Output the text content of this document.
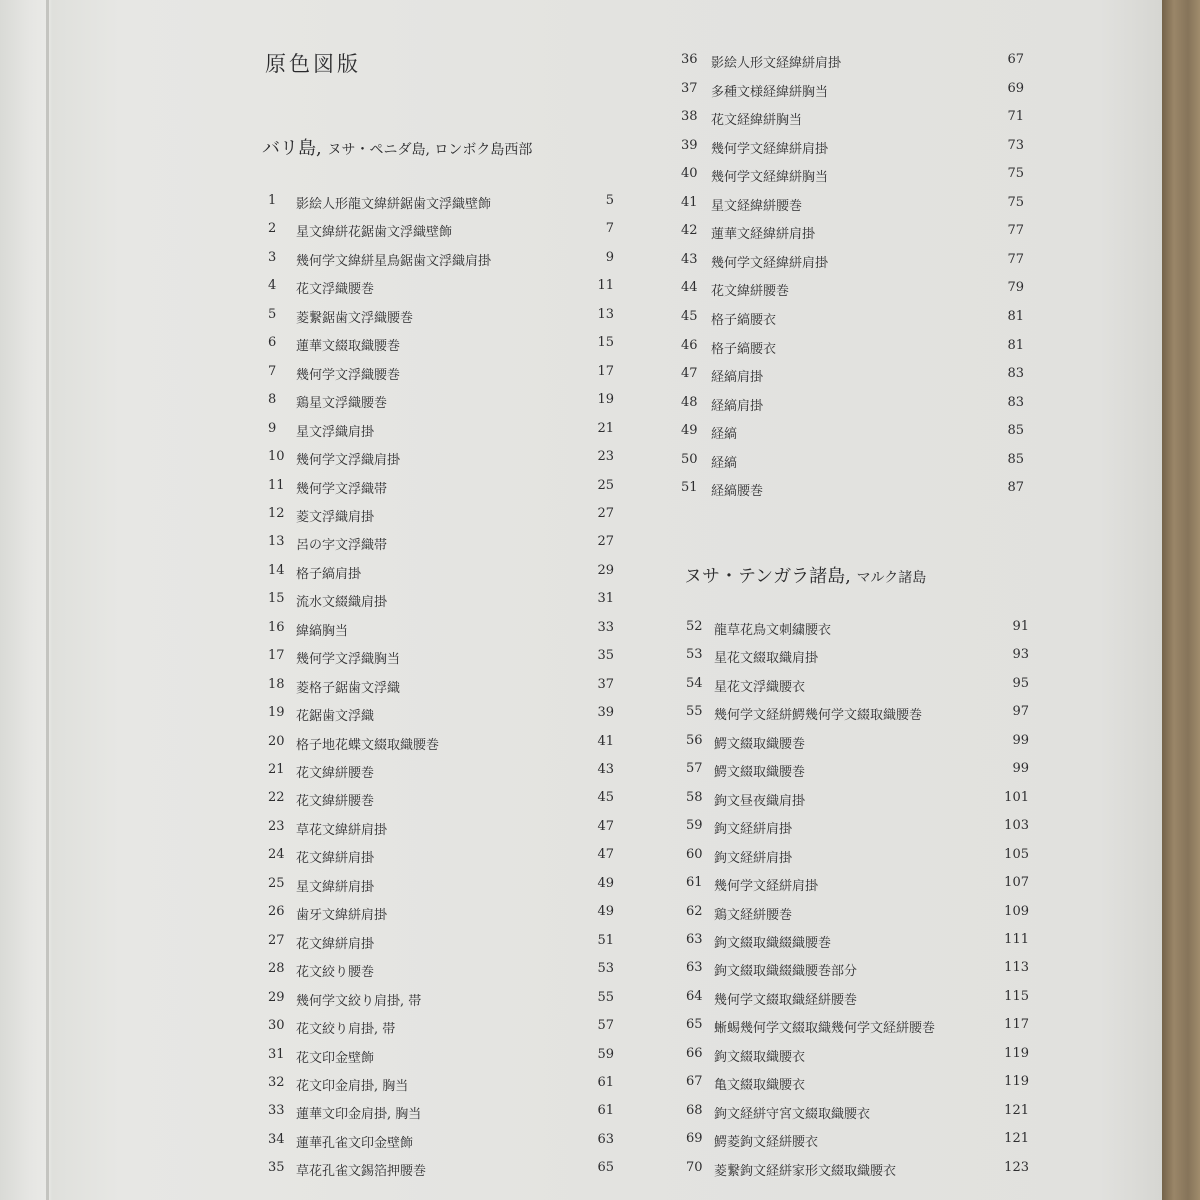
原色図版
バリ島, ヌサ・ペニダ島, ロンボク島西部
ヌサ・テンガラ諸島, マルク諸島
1 影絵人形龍文緯絣鋸歯文浮織壁飾	5
2 星文緯絣花鋸歯文浮織壁飾	7
3 幾何学文緯絣星鳥鋸歯文浮織肩掛	9
4 花文浮織腰巻	11
5 菱繋鋸歯文浮織腰巻	13
6 蓮華文綴取織腰巻	15
7 幾何学文浮織腰巻	17
8 鶏星文浮織腰巻	19
9 星文浮織肩掛	21
10 幾何学文浮織肩掛	23
11 幾何学文浮織帯	25
12 菱文浮織肩掛	27
13 呂の字文浮織帯	27
14 格子縞肩掛	29
15 流水文綴織肩掛	31
16 緯縞胸当	33
17 幾何学文浮織胸当	35
18 菱格子鋸歯文浮織	37
19 花鋸歯文浮織	39
20 格子地花蝶文綴取織腰巻	41
21 花文緯絣腰巻	43
22 花文緯絣腰巻	45
23 草花文緯絣肩掛	47
24 花文緯絣肩掛	47
25 星文緯絣肩掛	49
26 歯牙文緯絣肩掛	49
27 花文緯絣肩掛	51
28 花文絞り腰巻	53
29 幾何学文絞り肩掛, 帯	55
30 花文絞り肩掛, 帯	57
31 花文印金壁飾	59
32 花文印金肩掛, 胸当	61
33 蓮華文印金肩掛, 胸当	61
34 蓮華孔雀文印金壁飾	63
35 草花孔雀文錫箔押腰巻	65
36 影絵人形文経緯絣肩掛	67
37 多種文様経緯絣胸当	69
38 花文経緯絣胸当	71
39 幾何学文経緯絣肩掛	73
40 幾何学文経緯絣胸当	75
41 星文経緯絣腰巻	75
42 蓮華文経緯絣肩掛	77
43 幾何学文経緯絣肩掛	77
44 花文緯絣腰巻	79
45 格子縞腰衣	81
46 格子縞腰衣	81
47 経縞肩掛	83
48 経縞肩掛	83
49 経縞	85
50 経縞	85
51 経縞腰巻	87
52 龍草花鳥文刺繍腰衣	91
53 星花文綴取織肩掛	93
54 星花文浮織腰衣	95
55 幾何学文経絣鰐幾何学文綴取織腰巻	97
56 鰐文綴取織腰巻	99
57 鰐文綴取織腰巻	99
58 鉤文昼夜織肩掛	101
59 鉤文経絣肩掛	103
60 鉤文経絣肩掛	105
61 幾何学文経絣肩掛	107
62 鶏文経絣腰巻	109
63 鉤文綴取織綴織腰巻	111
63 鉤文綴取織綴織腰巻部分	113
64 幾何学文綴取織経絣腰巻	115
65 蜥蜴幾何学文綴取織幾何学文経絣腰巻	117
66 鉤文綴取織腰衣	119
67 亀文綴取織腰衣	119
68 鉤文経絣守宮文綴取織腰衣	121
69 鰐菱鉤文経絣腰衣	121
70 菱繋鉤文経絣家形文綴取織腰衣	123
